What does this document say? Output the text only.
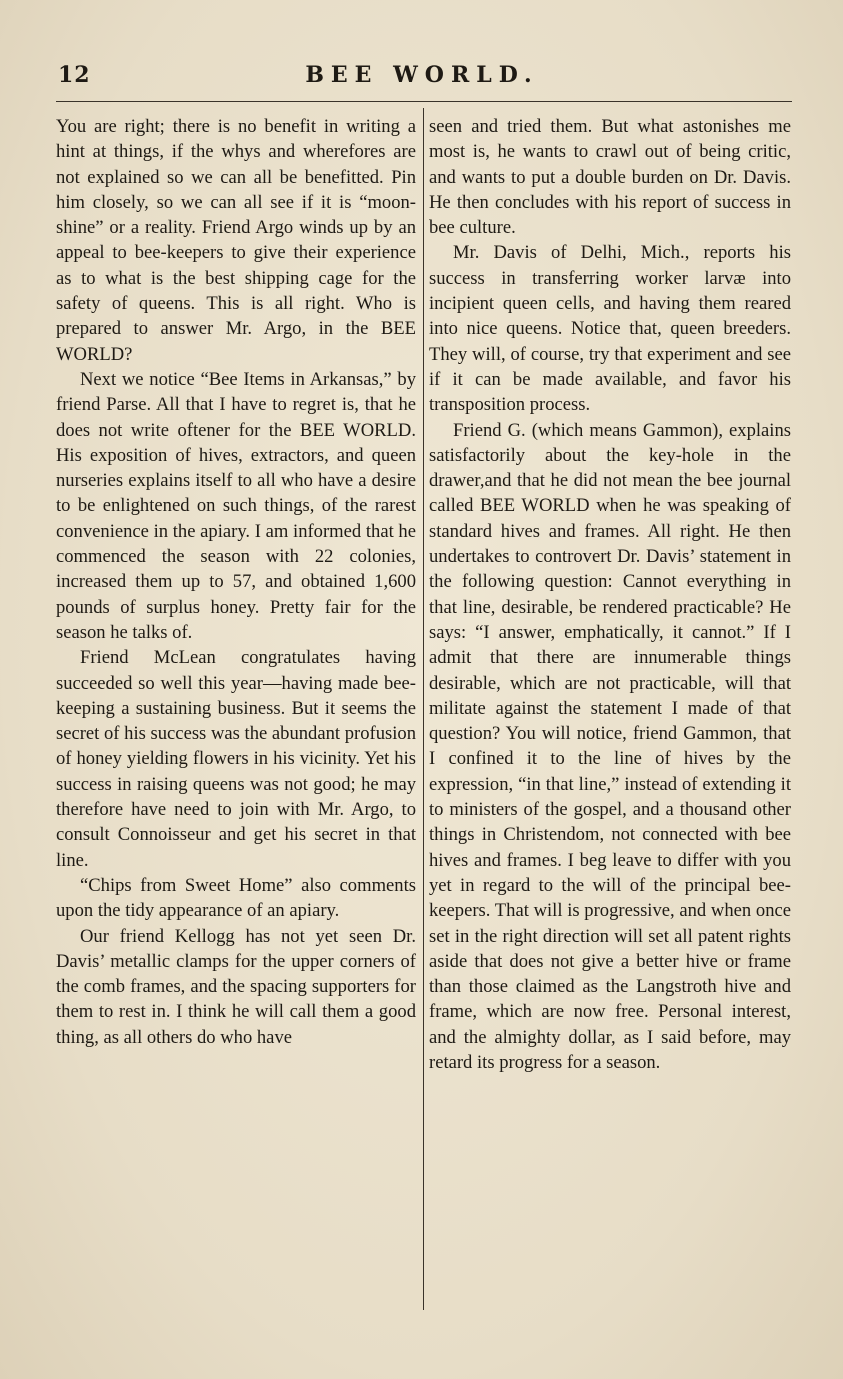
12	BEE WORLD.

You are right; there is no benefit in writing a hint at things, if the whys and wherefores are not explained so we can all be benefitted. Pin him closely, so we can all see if it is “moon-shine” or a reality. Friend Argo winds up by an appeal to bee-keepers to give their experience as to what is the best shipping cage for the safety of queens. This is all right. Who is prepared to answer Mr. Argo, in the BEE WORLD?

Next we notice “Bee Items in Arkansas,” by friend Parse. All that I have to regret is, that he does not write oftener for the BEE WORLD. His exposition of hives, extractors, and queen nurseries explains itself to all who have a desire to be enlightened on such things, of the rarest convenience in the apiary. I am informed that he commenced the season with 22 colonies, increased them up to 57, and obtained 1,600 pounds of surplus honey. Pretty fair for the season he talks of.

Friend McLean congratulates having succeeded so well this year—having made bee-keeping a sustaining business. But it seems the secret of his success was the abundant profusion of honey yielding flowers in his vicinity. Yet his success in raising queens was not good; he may therefore have need to join with Mr. Argo, to consult Connoisseur and get his secret in that line.

“Chips from Sweet Home” also comments upon the tidy appearance of an apiary.

Our friend Kellogg has not yet seen Dr. Davis’ metallic clamps for the upper corners of the comb frames, and the spacing supporters for them to rest in. I think he will call them a good thing, as all others do who have

seen and tried them. But what astonishes me most is, he wants to crawl out of being critic, and wants to put a double burden on Dr. Davis. He then concludes with his report of success in bee culture.

Mr. Davis of Delhi, Mich., reports his success in transferring worker larvæ into incipient queen cells, and having them reared into nice queens. Notice that, queen breeders. They will, of course, try that experiment and see if it can be made available, and favor his transposition process.

Friend G. (which means Gammon), explains satisfactorily about the key-hole in the drawer,and that he did not mean the bee journal called BEE WORLD when he was speaking of standard hives and frames. All right. He then undertakes to controvert Dr. Davis’ statement in the following question: Cannot everything in that line, desirable, be rendered practicable? He says: “I answer, emphatically, it cannot.” If I admit that there are innumerable things desirable, which are not practicable, will that militate against the statement I made of that question? You will notice, friend Gammon, that I confined it to the line of hives by the expression, “in that line,” instead of extending it to ministers of the gospel, and a thousand other things in Christendom, not connected with bee hives and frames. I beg leave to differ with you yet in regard to the will of the principal bee-keepers. That will is progressive, and when once set in the right direction will set all patent rights aside that does not give a better hive or frame than those claimed as the Langstroth hive and frame, which are now free. Personal interest, and the almighty dollar, as I said before, may retard its progress for a season.
